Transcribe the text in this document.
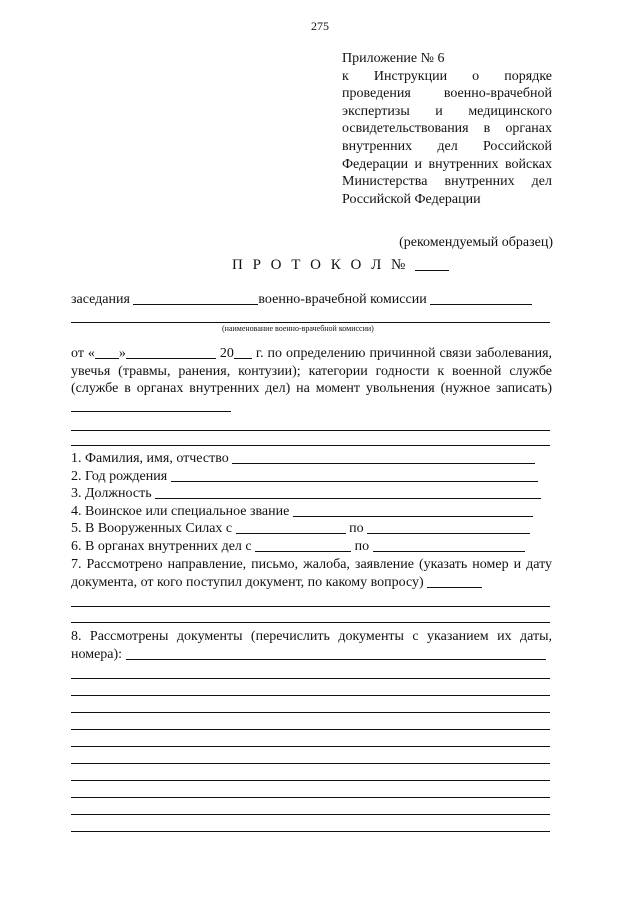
275
Приложение № 6
к Инструкции о порядке проведения военно-врачебной экспертизы и медицинского освидетельствования в органах внутренних дел Российской Федерации и внутренних войсках Министерства внутренних дел Российской Федерации
(рекомендуемый образец)
П Р О Т О К О Л №
заседания	военно-врачебной комиссии
(наименование военно-врачебной комиссии)
от « »	20 г. по определению причинной связи заболевания, увечья (травмы, ранения, контузии); категории годности к военной службе (службе в органах внутренних дел) на момент увольнения (нужное записать)
1. Фамилия, имя, отчество
2. Год рождения
3. Должность
4. Воинское или специальное звание
5. В Вооруженных Силах с	по
6. В органах внутренних дел с	по
7. Рассмотрено направление, письмо, жалоба, заявление (указать номер и дату документа, от кого поступил документ, по какому вопросу)
8. Рассмотрены документы (перечислить документы с указанием их даты, номера):
